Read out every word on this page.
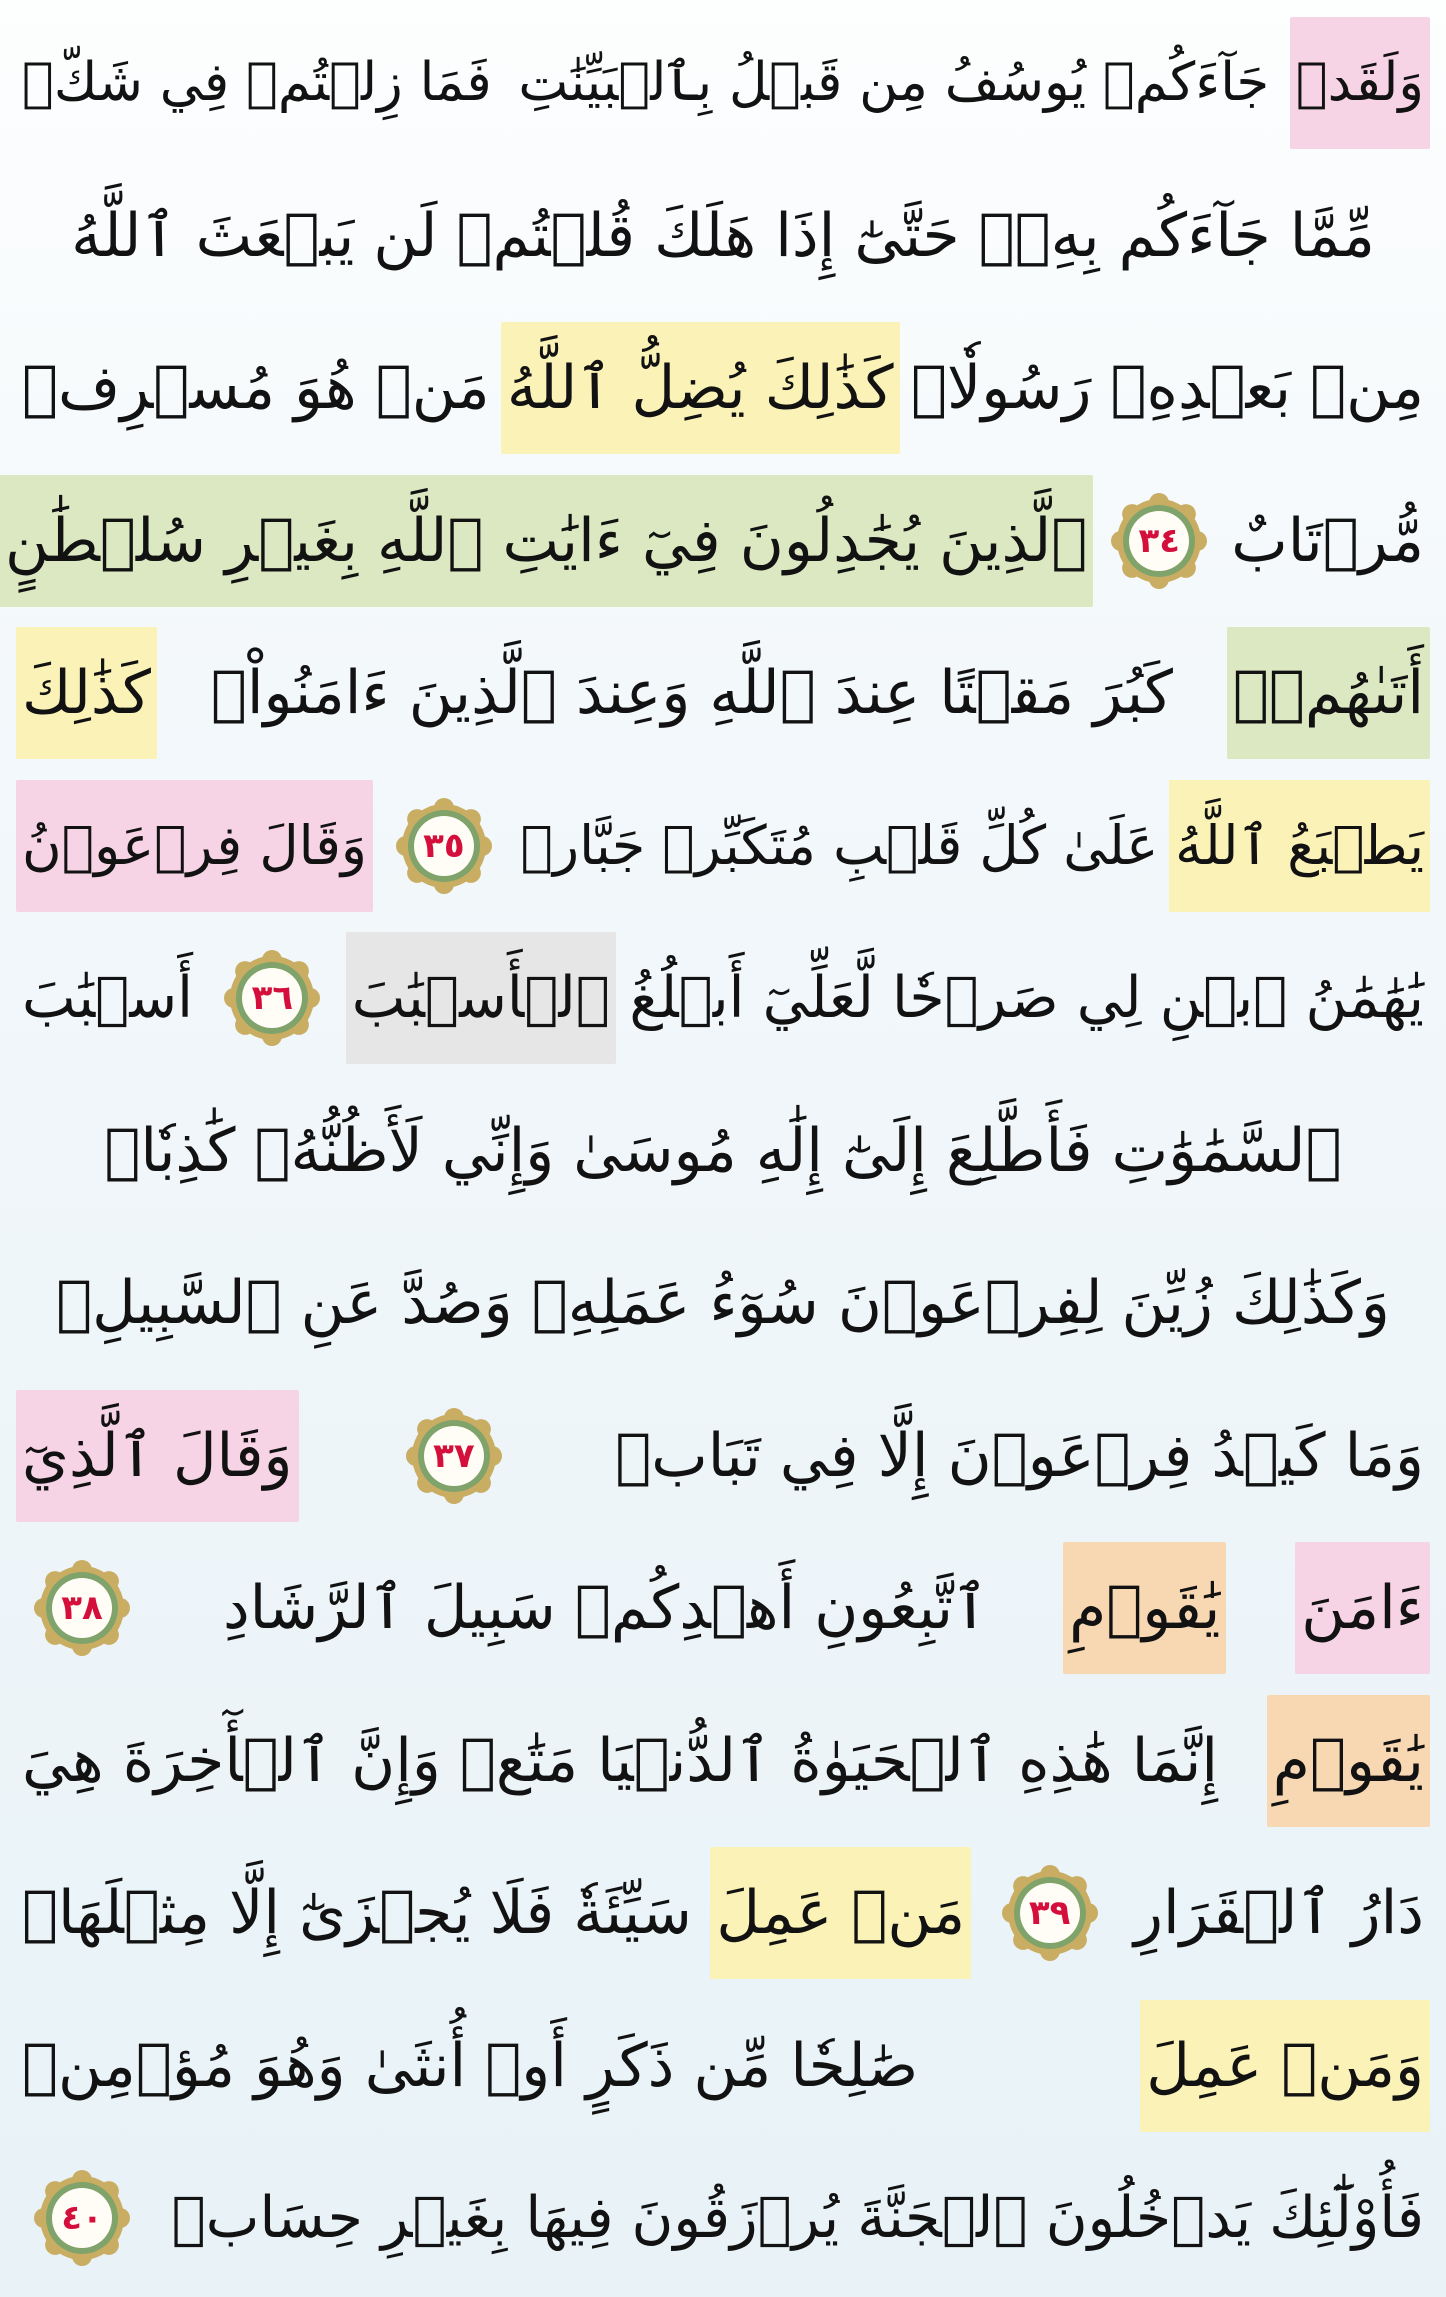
وَلَقَدۡ
جَآءَكُمۡ يُوسُفُ مِن قَبۡلُ بِٱلۡبَيِّنَٰتِ
فَمَا زِلۡتُمۡ فِي شَكّٖ
مِّمَّا جَآءَكُم بِهِۦۖ حَتَّىٰٓ إِذَا هَلَكَ قُلۡتُمۡ لَن يَبۡعَثَ ٱللَّهُ
مِنۢ بَعۡدِهِۦ رَسُولٗاۚ
كَذَٰلِكَ يُضِلُّ ٱللَّهُ
مَنۡ هُوَ مُسۡرِفٞ
مُّرۡتَابٌ
٣٤
ٱلَّذِينَ يُجَٰدِلُونَ فِيٓ ءَايَٰتِ ٱللَّهِ بِغَيۡرِ سُلۡطَٰنٍ
أَتَىٰهُمۡۖ
كَبُرَ مَقۡتًا عِندَ ٱللَّهِ وَعِندَ ٱلَّذِينَ ءَامَنُواْۚ
كَذَٰلِكَ
يَطۡبَعُ ٱللَّهُ
عَلَىٰ كُلِّ قَلۡبِ مُتَكَبِّرٖ جَبَّارٖ
٣٥
وَقَالَ فِرۡعَوۡنُ
يَٰهَٰمَٰنُ ٱبۡنِ لِي صَرۡحٗا لَّعَلِّيٓ أَبۡلُغُ
ٱلۡأَسۡبَٰبَ
٣٦
أَسۡبَٰبَ
ٱلسَّمَٰوَٰتِ فَأَطَّلِعَ إِلَىٰٓ إِلَٰهِ مُوسَىٰ وَإِنِّي لَأَظُنُّهُۥ كَٰذِبٗاۚ
وَكَذَٰلِكَ زُيِّنَ لِفِرۡعَوۡنَ سُوٓءُ عَمَلِهِۦ وَصُدَّ عَنِ ٱلسَّبِيلِۚ
وَمَا كَيۡدُ فِرۡعَوۡنَ إِلَّا فِي تَبَابٖ
٣٧
وَقَالَ ٱلَّذِيٓ
ءَامَنَ
يَٰقَوۡمِ
ٱتَّبِعُونِ أَهۡدِكُمۡ سَبِيلَ ٱلرَّشَادِ
٣٨
يَٰقَوۡمِ
إِنَّمَا هَٰذِهِ ٱلۡحَيَوٰةُ ٱلدُّنۡيَا مَتَٰعٞ وَإِنَّ ٱلۡأٓخِرَةَ هِيَ
دَارُ ٱلۡقَرَارِ
٣٩
مَنۡ عَمِلَ
سَيِّئَةٗ فَلَا يُجۡزَىٰٓ إِلَّا مِثۡلَهَاۖ
وَمَنۡ عَمِلَ
صَٰلِحٗا مِّن ذَكَرٍ أَوۡ أُنثَىٰ وَهُوَ مُؤۡمِنٞ
فَأُوْلَٰٓئِكَ يَدۡخُلُونَ ٱلۡجَنَّةَ يُرۡزَقُونَ فِيهَا بِغَيۡرِ حِسَابٖ
٤٠
